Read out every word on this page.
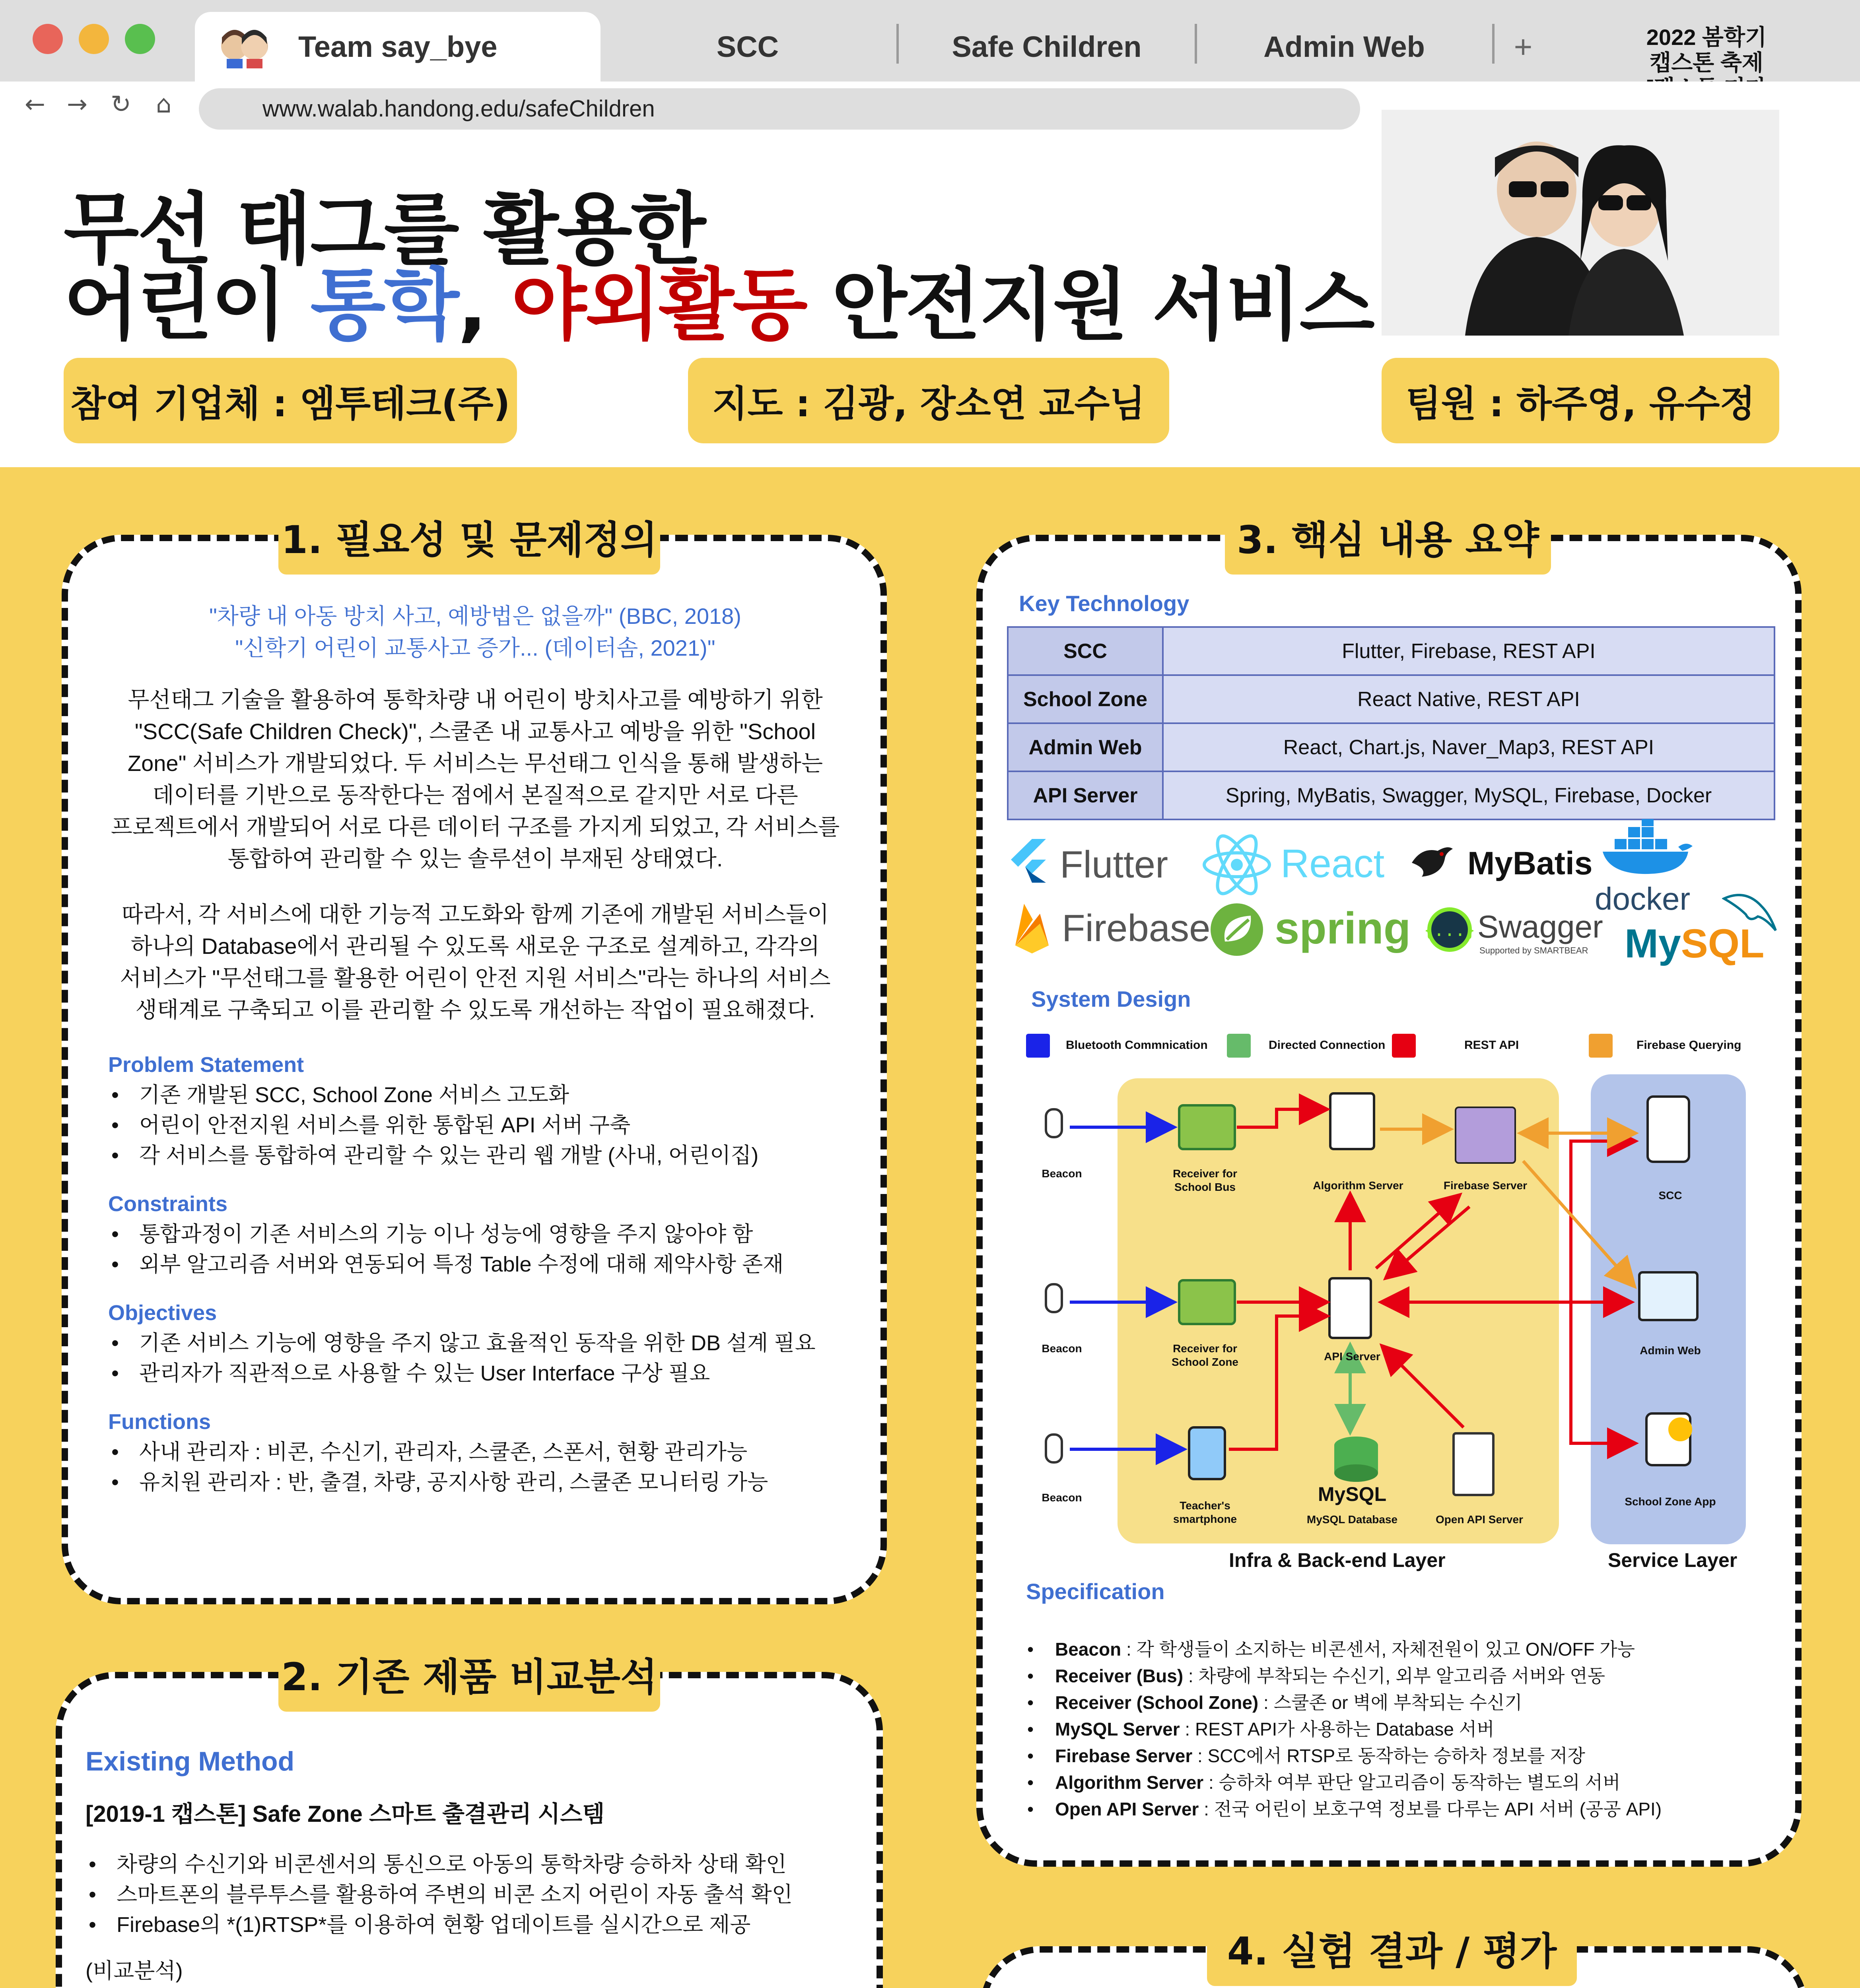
Team say_bye	SCC	Safe Children	Admin Web	+	2022 봄학기
캡스톤 축제
← → ↻ ⌂	www.walab.handong.edu/safeChildren
무선 태그를 활용한
어린이 통학, 야외활동 안전지원 서비스
참여 기업체 : 엠투테크(주)	지도 : 김광, 장소연 교수님	팀원 : 하주영, 유수정
1. 필요성 및 문제정의
"차량 내 아동 방치 사고, 예방법은 없을까" (BBC, 2018)
"신학기 어린이 교통사고 증가... (데이터솜, 2021)"
무선태그 기술을 활용하여 통학차량 내 어린이 방치사고를 예방하기 위한
"SCC(Safe Children Check)", 스쿨존 내 교통사고 예방을 위한 "School
Zone" 서비스가 개발되었다. 두 서비스는 무선태그 인식을 통해 발생하는
데이터를 기반으로 동작한다는 점에서 본질적으로 같지만 서로 다른
프로젝트에서 개발되어 서로 다른 데이터 구조를 가지게 되었고, 각 서비스를
통합하여 관리할 수 있는 솔루션이 부재된 상태였다.
따라서, 각 서비스에 대한 기능적 고도화와 함께 기존에 개발된 서비스들이
하나의 Database에서 관리될 수 있도록 새로운 구조로 설계하고, 각각의
서비스가 "무선태그를 활용한 어린이 안전 지원 서비스"라는 하나의 서비스
생태계로 구축되고 이를 관리할 수 있도록 개선하는 작업이 필요해졌다.
Problem Statement
• 기존 개발된 SCC, School Zone 서비스 고도화
• 어린이 안전지원 서비스를 위한 통합된 API 서버 구축
• 각 서비스를 통합하여 관리할 수 있는 관리 웹 개발 (사내, 어린이집)
Constraints
• 통합과정이 기존 서비스의 기능 이나 성능에 영향을 주지 않아야 함
• 외부 알고리즘 서버와 연동되어 특정 Table 수정에 대해 제약사항 존재
Objectives
• 기존 서비스 기능에 영향을 주지 않고 효율적인 동작을 위한 DB 설계 필요
• 관리자가 직관적으로 사용할 수 있는 User Interface 구상 필요
Functions
• 사내 관리자 : 비콘, 수신기, 관리자, 스쿨존, 스폰서, 현황 관리가능
• 유치원 관리자 : 반, 출결, 차량, 공지사항 관리, 스쿨존 모니터링 가능
2. 기존 제품 비교분석
Existing Method
[2019-1 캡스톤] Safe Zone 스마트 출결관리 시스템
• 차량의 수신기와 비콘센서의 통신으로 아동의 통학차량 승하차 상태 확인
• 스마트폰의 블루투스를 활용하여 주변의 비콘 소지 어린이 자동 출석 확인
• Firebase의 *(1)RTSP*를 이용하여 현황 업데이트를 실시간으로 제공
(비교분석)
•
3. 핵심 내용 요약
Key Technology
SCC	Flutter, Firebase, REST API
School Zone	React Native, REST API
Admin Web	React, Chart.js, Naver_Map3, REST API
API Server	Spring, MyBatis, Swagger, MySQL, Firebase, Docker
Flutter	React	MyBatis
docker
Firebase spring {...} Swagger
Supported by SMARTBEAR MySQL
System Design
Bluetooth Commnication	Directed Connection	REST API	Firebase Querying
Beacon
Beacon
Beacon
Receiver for School Bus
Receiver for School Zone
Teacher's smartphone
Algorithm Server	Firebase Server
API Server
MySQL
MySQL Database	Open API Server
SCC
Admin Web
School Zone App
Infra & Back-end Layer	Service Layer
Specification
• Beacon : 각 학생들이 소지하는 비콘센서, 자체전원이 있고 ON/OFF 가능
• Receiver (Bus) : 차량에 부착되는 수신기, 외부 알고리즘 서버와 연동
• Receiver (School Zone) : 스쿨존 or 벽에 부착되는 수신기
• MySQL Server : REST API가 사용하는 Database 서버
• Firebase Server : SCC에서 RTSP로 동작하는 승하차 정보를 저장
• Algorithm Server : 승하차 여부 판단 알고리즘이 동작하는 별도의 서버
• Open API Server : 전국 어린이 보호구역 정보를 다루는 API 서버 (공공 API)
4. 실험 결과 / 평가
